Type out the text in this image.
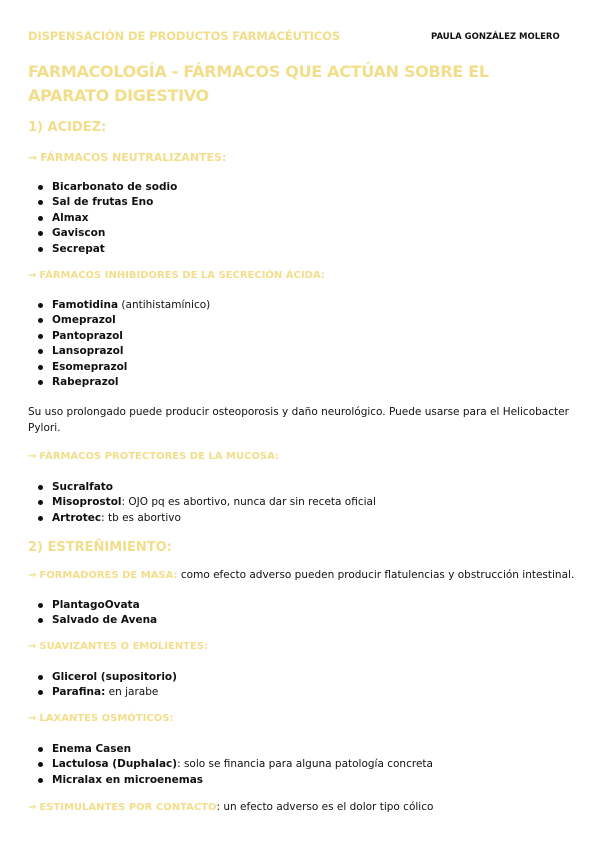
DISPENSACIÓN DE PRODUCTOS FARMACÉUTICOS	PAULA GONZÁLEZ MOLERO
FARMACOLOGÍA - FÁRMACOS QUE ACTÚAN SOBRE EL APARATO DIGESTIVO
1) ACIDEZ:
→ FÁRMACOS NEUTRALIZANTES:
Bicarbonato de sodio
Sal de frutas Eno
Almax
Gaviscon
Secrepat
→ FÁRMACOS INHIBIDORES DE LA SECRECIÓN ÁCIDA:
Famotidina (antihistamínico)
Omeprazol
Pantoprazol
Lansoprazol
Esomeprazol
Rabeprazol
Su uso prolongado puede producir osteoporosis y daño neurológico. Puede usarse para el Helicobacter Pylori.
→ FÁRMACOS PROTECTORES DE LA MUCOSA:
Sucralfato
Misoprostol: OJO pq es abortivo, nunca dar sin receta oficial
Artrotec: tb es abortivo
2) ESTREÑIMIENTO:
→ FORMADORES DE MASA: como efecto adverso pueden producir flatulencias y obstrucción intestinal.
PlantagoOvata
Salvado de Avena
→ SUAVIZANTES O EMOLIENTES:
Glicerol (supositorio)
Parafina: en jarabe
→ LAXANTES OSMÓTICOS:
Enema Casen
Lactulosa (Duphalac): solo se financia para alguna patología concreta
Micralax en microenemas
→ ESTIMULANTES POR CONTACTO: un efecto adverso es el dolor tipo cólico
